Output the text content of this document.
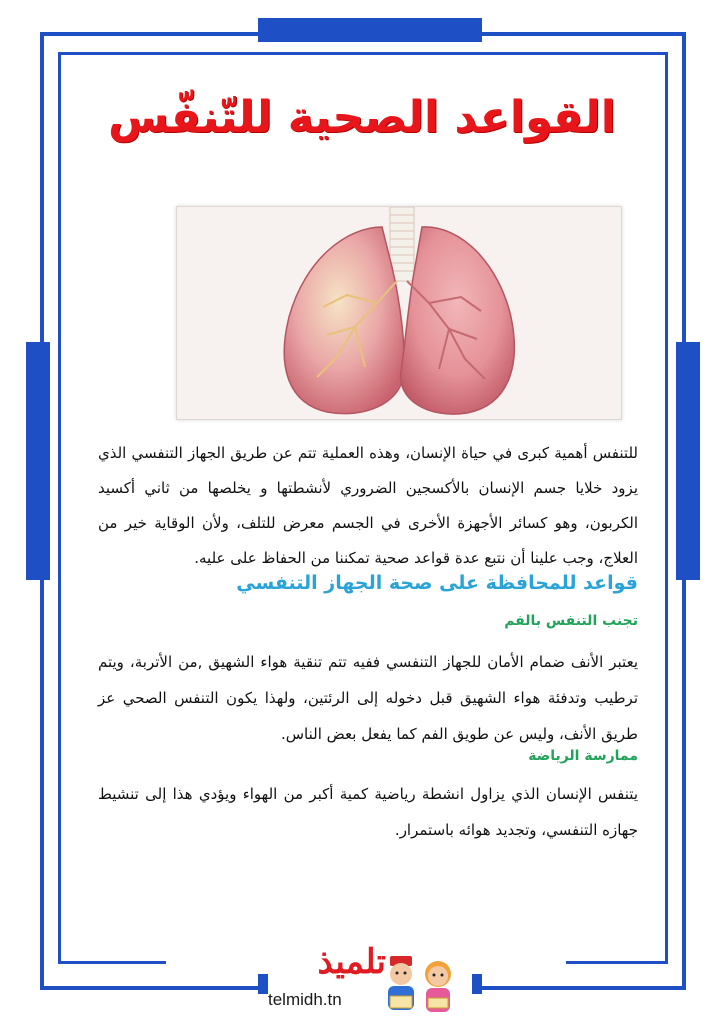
القواعد الصحية للتّنفّس
للتنفس أهمية كبرى في حياة الإنسان، وهذه العملية تتم عن طريق الجهاز التنفسي الذي يزود خلايا جسم الإنسان بالأكسجين الضروري لأنشطتها و يخلصها من ثاني أكسيد الكربون، وهو كسائر الأجهزة الأخرى في الجسم معرض للتلف، ولأن الوقاية خير من العلاج، وجب علينا أن نتبع عدة قواعد صحية تمكننا من الحفاظ على عليه.
قواعد للمحافظة على صحة الجهاز التنفسي
تجنب التنفس بالفم
يعتبر الأنف ضمام الأمان للجهاز التنفسي ففيه تتم تنقية هواء الشهيق ,من الأتربة، ويتم ترطيب وتدفئة هواء الشهيق قبل دخوله إلى الرئتين، ولهذا يكون التنفس الصحي عز طريق الأنف، وليس عن طويق الفم كما يفعل بعض الناس.
ممارسة الرياضة
يتنفس الإنسان الذي يزاول انشطة رياضية كمية أكبر من الهواء ويؤدي هذا إلى تنشيط جهازه التنفسي، وتجديد هوائه باستمرار.
تلميذ
telmidh.tn
